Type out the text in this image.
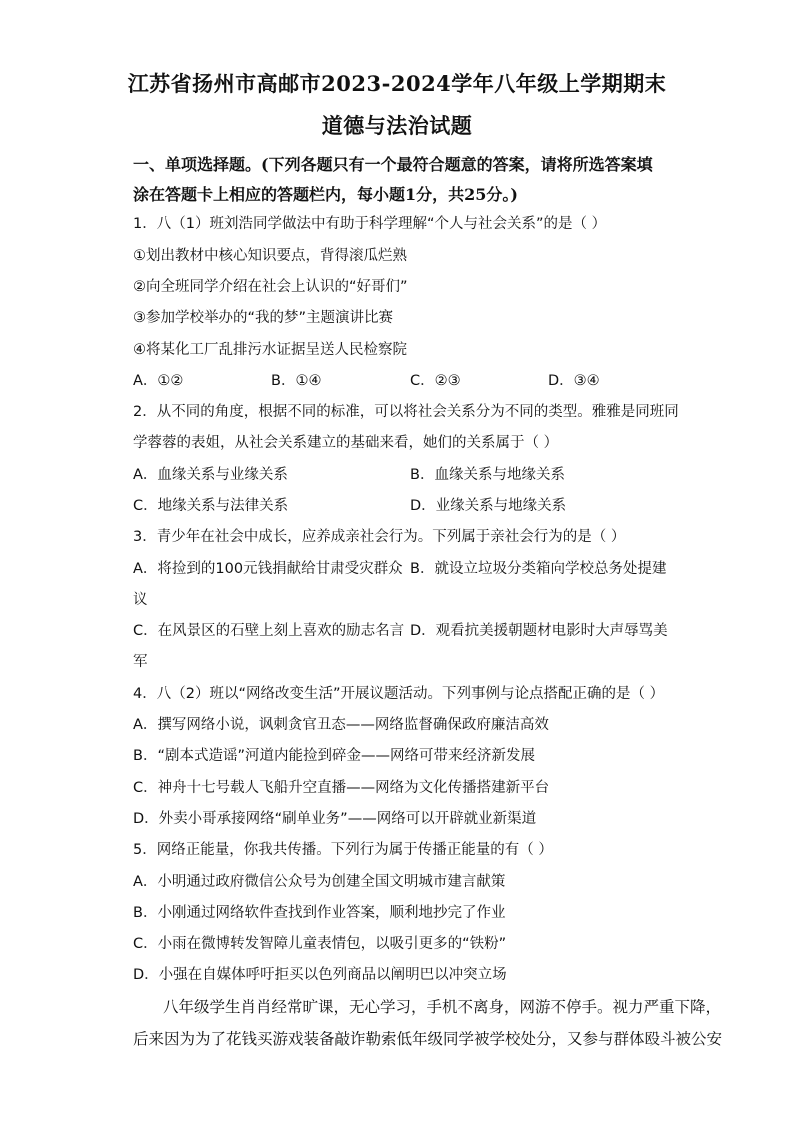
江苏省扬州市高邮市2023-2024学年八年级上学期期末
道德与法治试题
一、单项选择题。(下列各题只有一个最符合题意的答案，请将所选答案填
涂在答题卡上相应的答题栏内，每小题1分，共25分。)
1．八（1）班刘浩同学做法中有助于科学理解“个人与社会关系”的是（ ）
①划出教材中核心知识要点，背得滚瓜烂熟
②向全班同学介绍在社会上认识的“好哥们”
③参加学校举办的“我的梦”主题演讲比赛
④将某化工厂乱排污水证据呈送人民检察院
A．①②	B．①④	C．②③	D．③④
2．从不同的角度，根据不同的标准，可以将社会关系分为不同的类型。雅雅是同班同
学蓉蓉的表姐，从社会关系建立的基础来看，她们的关系属于（ ）
A．血缘关系与业缘关系	B．血缘关系与地缘关系
C．地缘关系与法律关系	D．业缘关系与地缘关系
3．青少年在社会中成长，应养成亲社会行为。下列属于亲社会行为的是（ ）
A．将捡到的100元钱捐献给甘肃受灾群众 B．就设立垃圾分类箱向学校总务处提建
议
C．在风景区的石壁上刻上喜欢的励志名言 D．观看抗美援朝题材电影时大声辱骂美
军
4．八（2）班以“网络改变生活”开展议题活动。下列事例与论点搭配正确的是（ ）
A．撰写网络小说，讽刺贪官丑态——网络监督确保政府廉洁高效
B．“剧本式造谣”河道内能捡到碎金——网络可带来经济新发展
C．神舟十七号载人飞船升空直播——网络为文化传播搭建新平台
D．外卖小哥承接网络“刷单业务”——网络可以开辟就业新渠道
5．网络正能量，你我共传播。下列行为属于传播正能量的有（ ）
A．小明通过政府微信公众号为创建全国文明城市建言献策
B．小刚通过网络软件查找到作业答案，顺利地抄完了作业
C．小雨在微博转发智障儿童表情包，以吸引更多的“铁粉”
D．小强在自媒体呼吁拒买以色列商品以阐明巴以冲突立场
八年级学生肖肖经常旷课，无心学习，手机不离身，网游不停手。视力严重下降，
后来因为为了花钱买游戏装备敲诈勒索低年级同学被学校处分，又参与群体殴斗被公安
